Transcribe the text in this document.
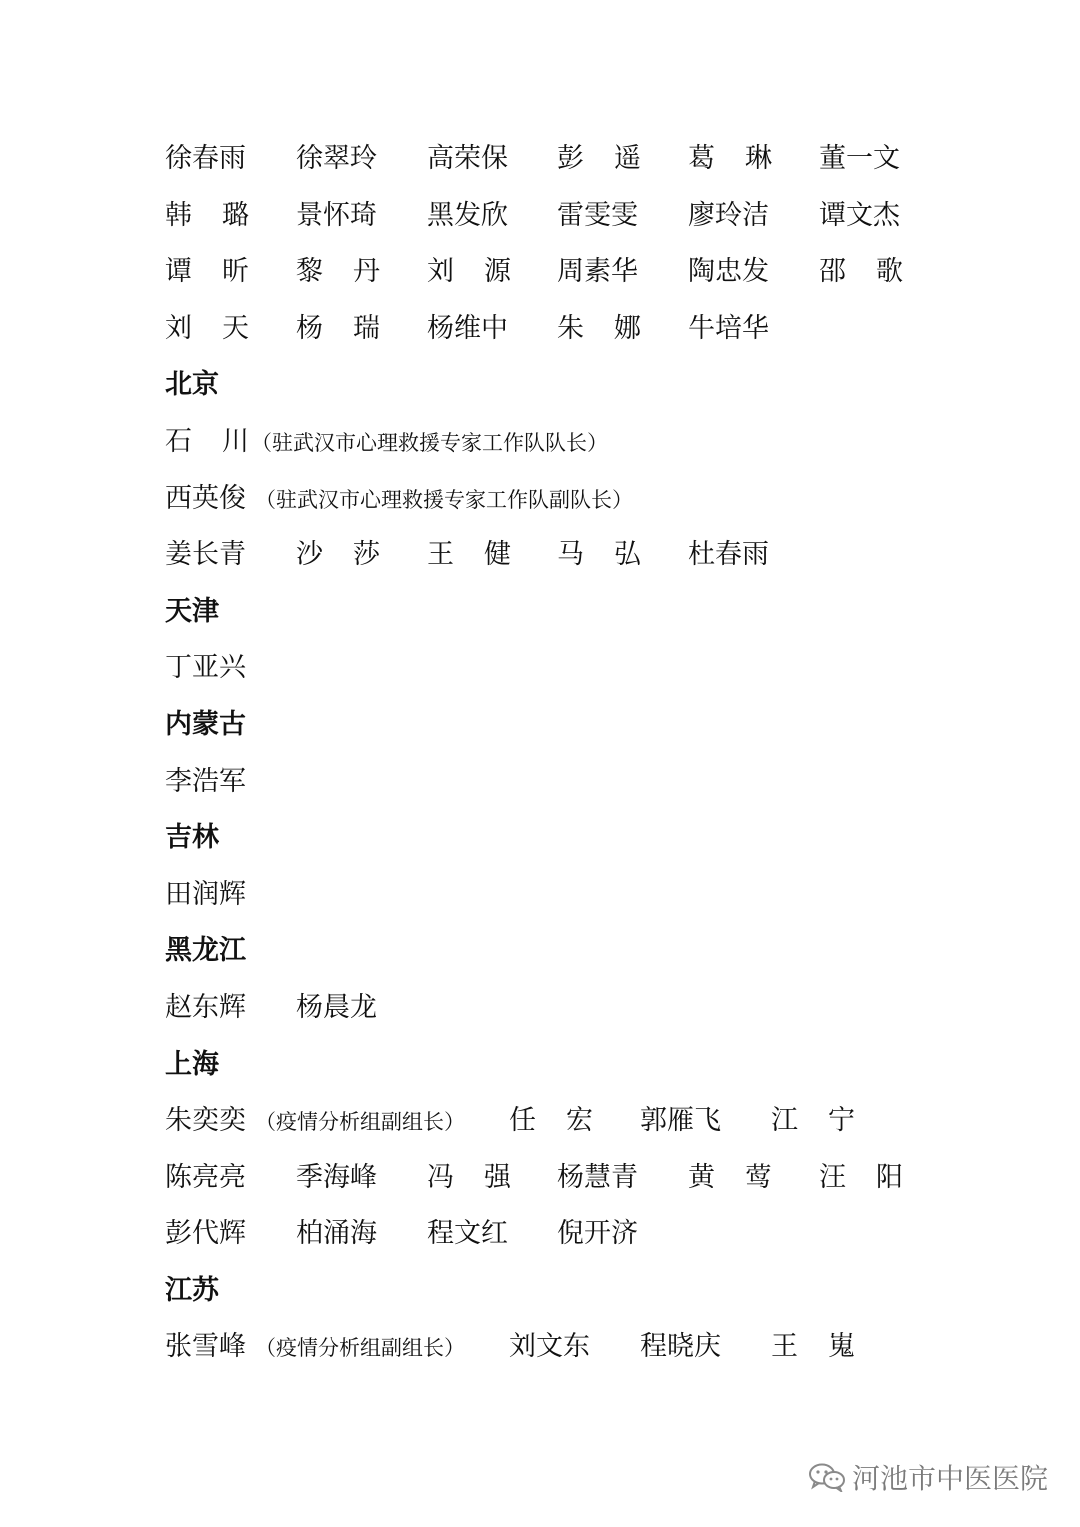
徐春雨 徐翠玲 高荣保 彭 遥 葛 琳 董一文
韩 璐 景怀琦 黑发欣 雷雯雯 廖玲洁 谭文杰
谭 昕 黎 丹 刘 源 周素华 陶忠发 邵 歌
刘 天 杨 瑞 杨维中 朱 娜 牛培华
北京
石 川 （驻武汉市心理救援专家工作队队长）
西英俊 （驻武汉市心理救援专家工作队副队长）
姜长青 沙 莎 王 健 马 弘 杜春雨
天津
丁亚兴
内蒙古
李浩军
吉林
田润辉
黑龙江
赵东辉 杨晨龙
上海
朱奕奕 （疫情分析组副组长） 任 宏 郭雁飞 江 宁
陈亮亮 季海峰 冯 强 杨慧青 黄 莺 汪 阳
彭代辉 柏涌海 程文红 倪开济
江苏
张雪峰 （疫情分析组副组长） 刘文东 程晓庆 王 嵬
河池市中医医院
